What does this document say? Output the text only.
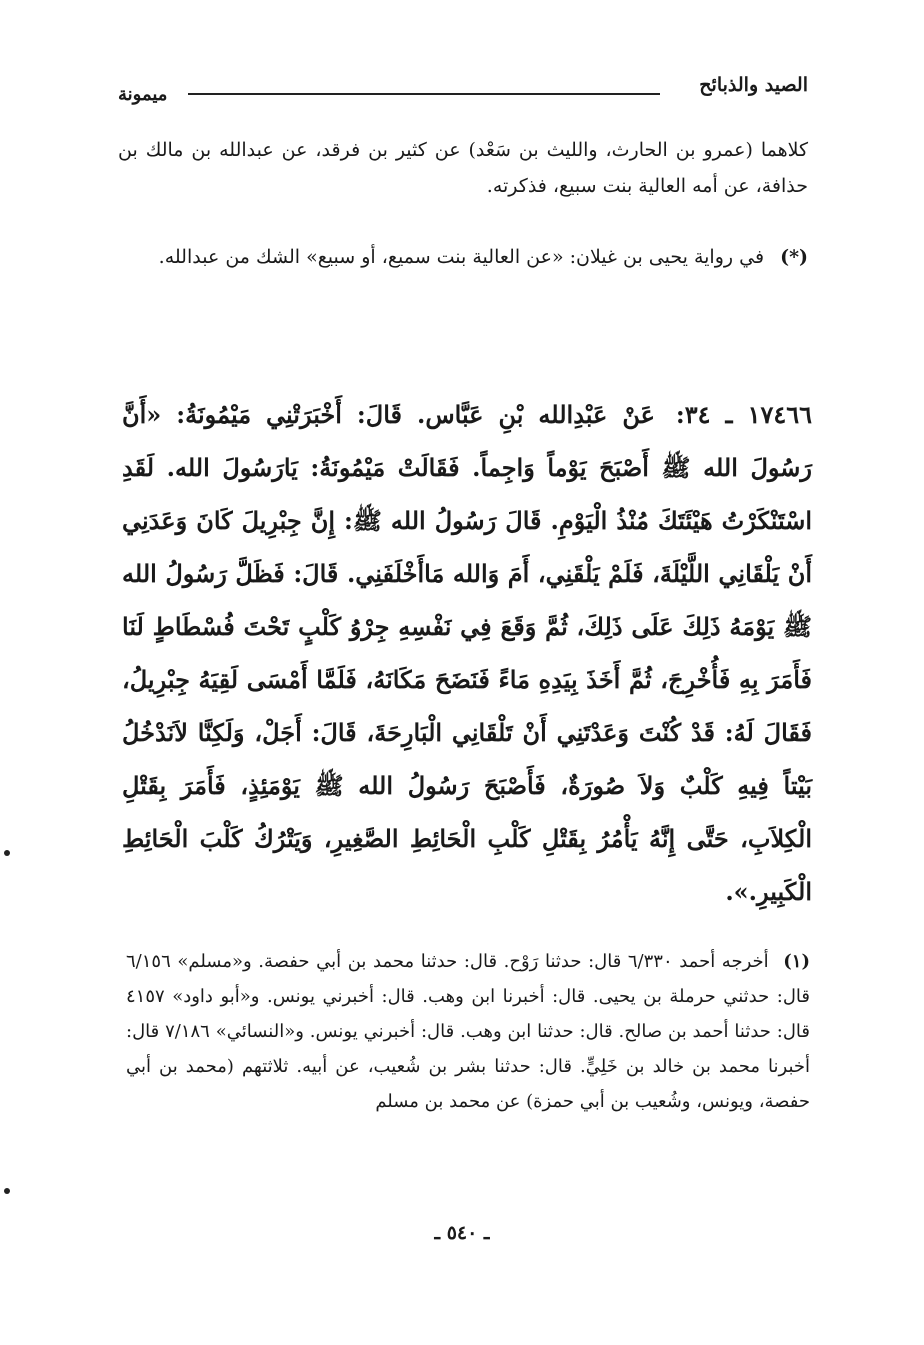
الصيد والذبائح
ميمونة

كلاهما (عمرو بن الحارث، والليث بن سَعْد) عن كثير بن فرقد، عن عبدالله بن مالك بن حذافة، عن أمه العالية بنت سبيع، فذكرته.

(*) في رواية يحيى بن غيلان: «عن العالية بنت سميع، أو سبيع» الشك من عبدالله.

١٧٤٦٦ ـ ٣٤: عَنْ عَبْدِالله بْنِ عَبَّاس. قَالَ: أَخْبَرَتْنِي مَيْمُونَةُ: «أَنَّ رَسُولَ الله ﷺ أَصْبَحَ يَوْماً وَاجِماً. فَقَالَتْ مَيْمُونَةُ: يَارَسُولَ الله. لَقَدِ اسْتَنْكَرْتُ هَيْئَتَكَ مُنْذُ الْيَوْمِ. قَالَ رَسُولُ الله ﷺ: إِنَّ جِبْرِيلَ كَانَ وَعَدَنِي أَنْ يَلْقَانِي اللَّيْلَةَ، فَلَمْ يَلْقَنِي، أَمَ وَالله مَاأَخْلَفَنِي. قَالَ: فَظَلَّ رَسُولُ الله ﷺ يَوْمَهُ ذَلِكَ عَلَى ذَلِكَ، ثُمَّ وَقَعَ فِي نَفْسِهِ جِرْوُ كَلْبٍ تَحْتَ فُسْطَاطٍ لَنَا فَأَمَرَ بِهِ فَأُخْرِجَ، ثُمَّ أَخَذَ بِيَدِهِ مَاءً فَنَضَحَ مَكَانَهُ، فَلَمَّا أَمْسَى لَقِيَهُ جِبْرِيلُ، فَقَالَ لَهُ: قَدْ كُنْتَ وَعَدْتَنِي أَنْ تَلْقَانِي الْبَارِحَةَ، قَالَ: أَجَلْ، وَلَكِنَّا لاَنَدْخُلُ بَيْتاً فِيهِ كَلْبٌ وَلاَ صُورَةٌ، فَأَصْبَحَ رَسُولُ الله ﷺ يَوْمَئِذٍ، فَأَمَرَ بِقَتْلِ الْكِلاَبِ، حَتَّى إِنَّهُ يَأْمُرُ بِقَتْلِ كَلْبِ الْحَائِطِ الصَّغِيرِ، وَيَتْرُكُ كَلْبَ الْحَائِطِ الْكَبِيرِ.».

(١) أخرجه أحمد ٦/٣٣٠ قال: حدثنا رَوْح. قال: حدثنا محمد بن أبي حفصة. و«مسلم» ٦/١٥٦ قال: حدثني حرملة بن يحيى. قال: أخبرنا ابن وهب. قال: أخبرني يونس. و«أبو داود» ٤١٥٧ قال: حدثنا أحمد بن صالح. قال: حدثنا ابن وهب. قال: أخبرني يونس. و«النسائي» ٧/١٨٦ قال: أخبرنا محمد بن خالد بن خَلِيٍّ. قال: حدثنا بشر بن شُعيب، عن أبيه. ثلاثتهم (محمد بن أبي حفصة، ويونس، وشُعيب بن أبي حمزة) عن محمد بن مسلم

ـ ٥٤٠ ـ
